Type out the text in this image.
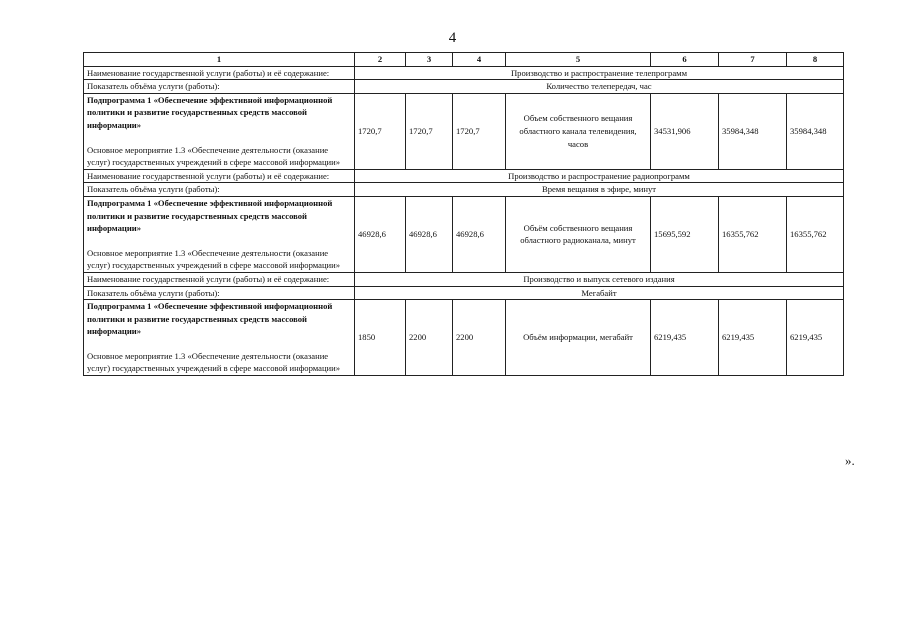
4
1	2	3	4	5	6	7	8
Наименование государственной услуги (работы) и её содержание:	Производство и распространение телепрограмм						
Показатель объёма услуги (работы):	Количество телепередач, час						

Подпрограмма 1 «Обеспечение эффективной информационной политики и развитие государственных средств массовой информации»
Основное мероприятие 1.3 «Обеспечение деятельности (оказание услуг) государственных учреждений в сфере массовой информации»	1720,7	1720,7	1720,7	Объем собственного вещания областного канала телевидения, часов	34531,906	35984,348	35984,348
Наименование государственной услуги (работы) и её содержание:	Производство и распространение радиопрограмм						
Показатель объёма услуги (работы):	Время вещания в эфире, минут						

Подпрограмма 1 «Обеспечение эффективной информационной политики и развитие государственных средств массовой информации»
Основное мероприятие 1.3 «Обеспечение деятельности (оказание услуг) государственных учреждений в сфере массовой информации»	46928,6	46928,6	46928,6	Объём собственного вещания областного радиоканала, минут	15695,592	16355,762	16355,762
Наименование государственной услуги (работы) и её содержание:	Производство и выпуск сетевого издания						
Показатель объёма услуги (работы):	Мегабайт						

Подпрограмма 1 «Обеспечение эффективной информационной политики и развитие государственных средств массовой информации»
Основное мероприятие 1.3 «Обеспечение деятельности (оказание услуг) государственных учреждений в сфере массовой информации»	1850	2200	2200	Объём информации, мегабайт	6219,435	6219,435	6219,435
».
